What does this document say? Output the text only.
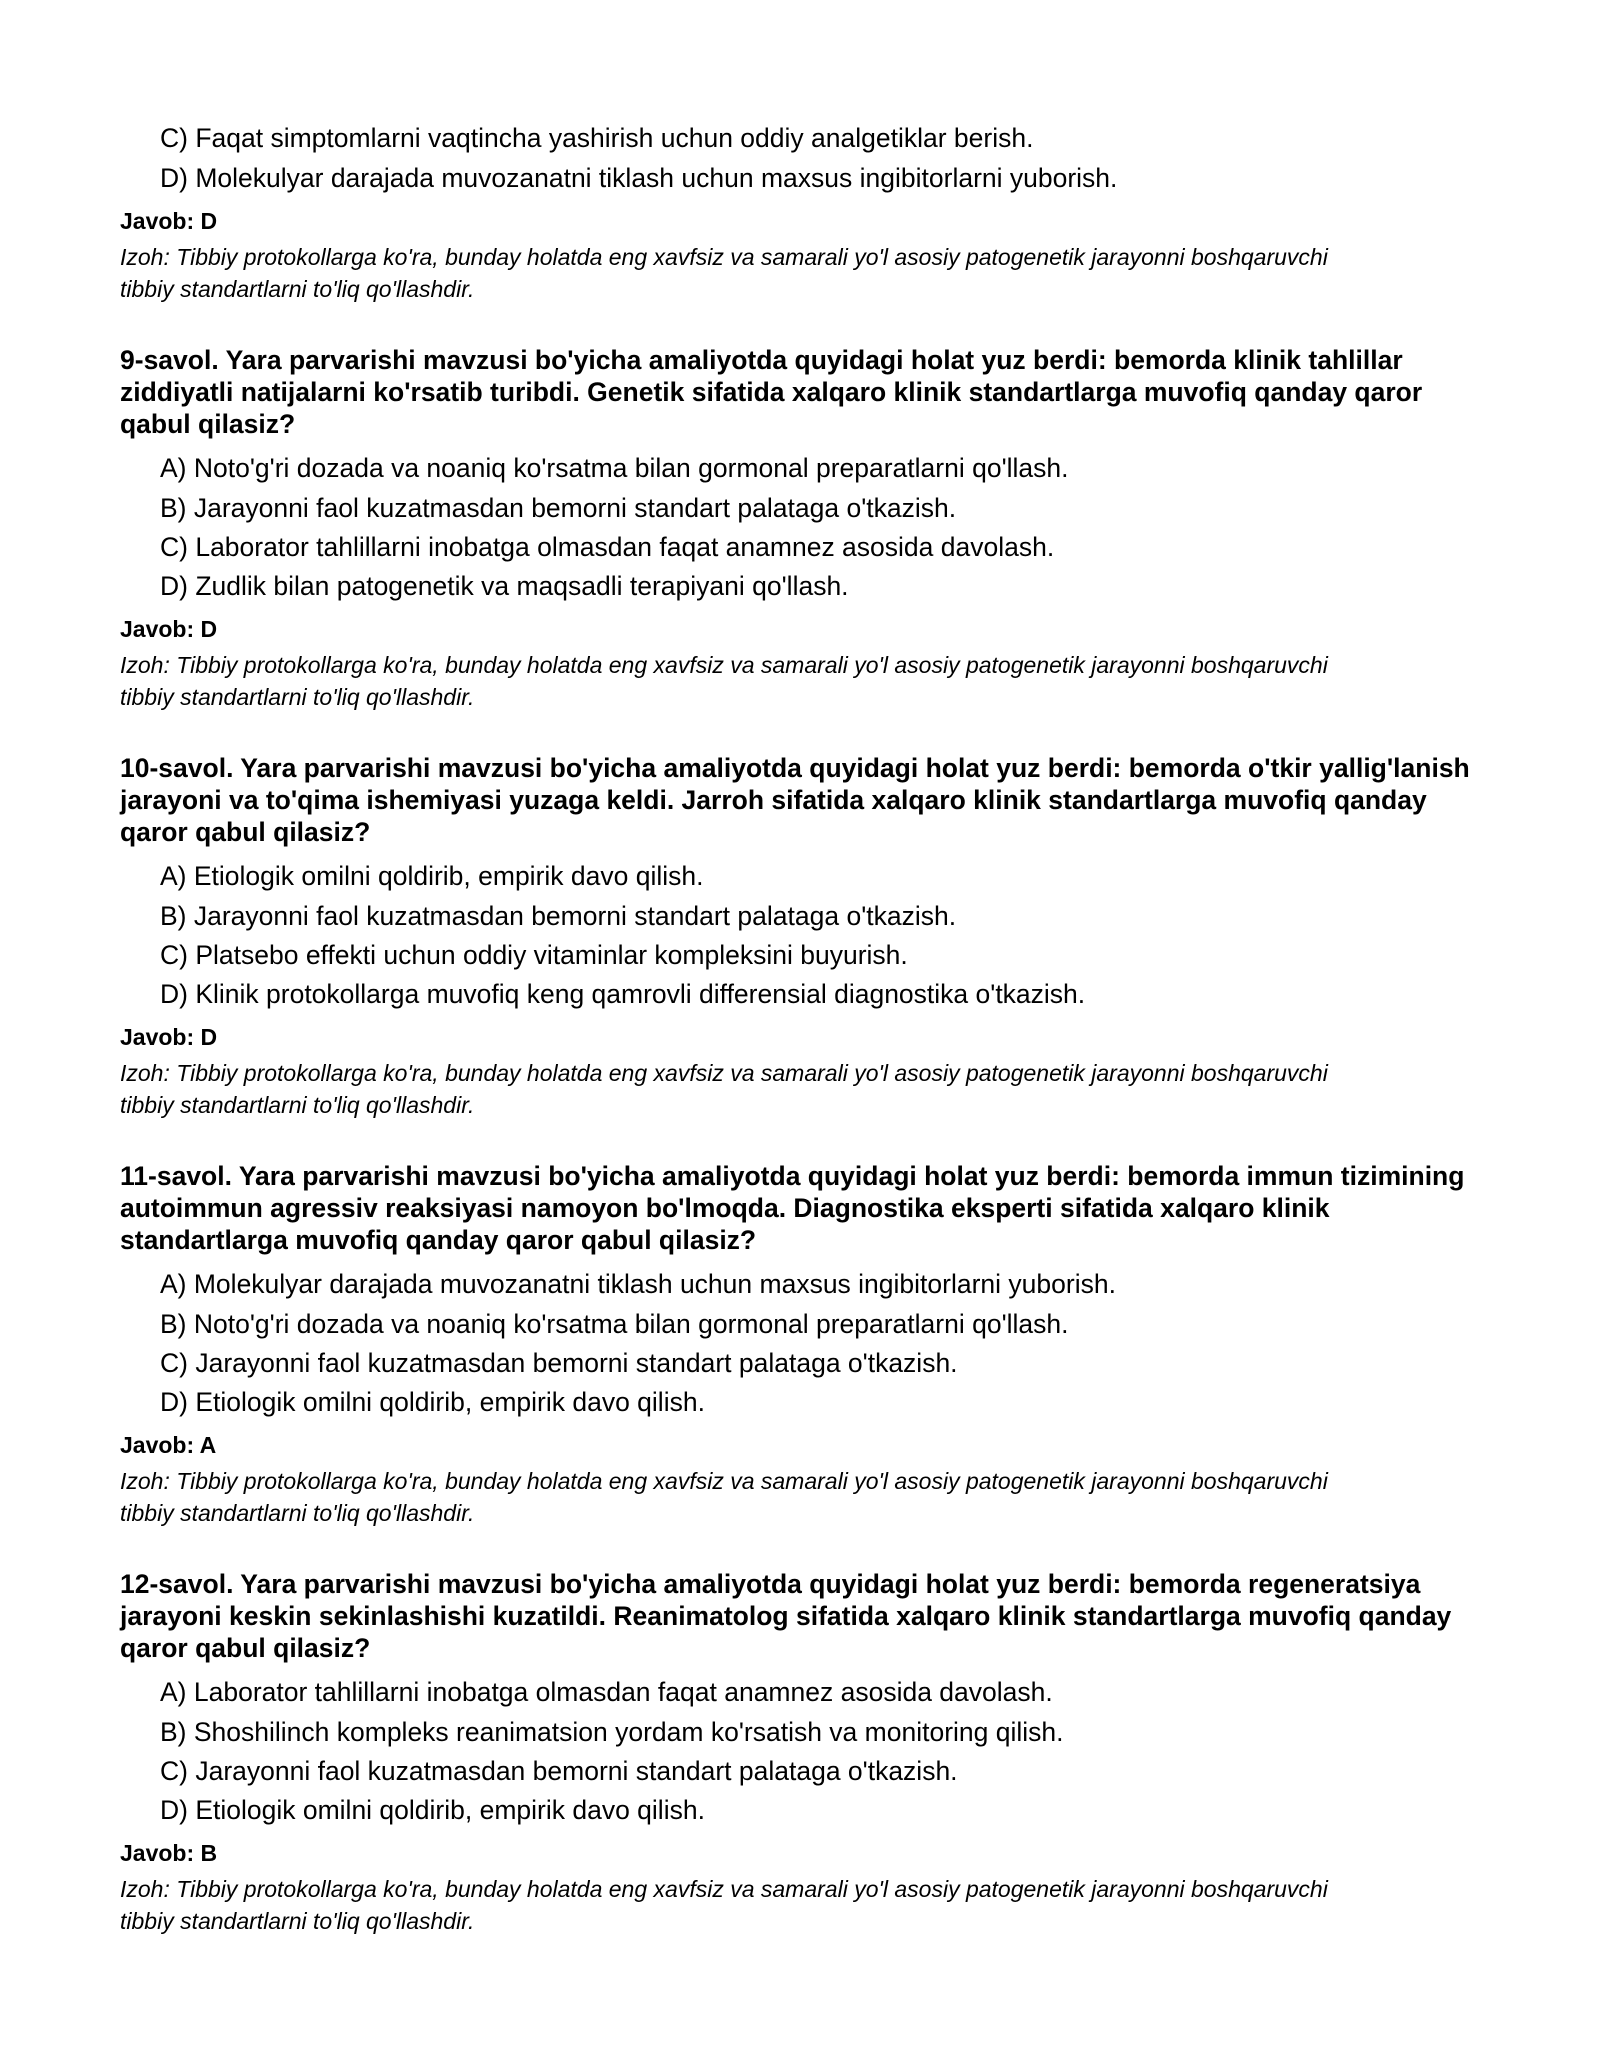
C) Faqat simptomlarni vaqtincha yashirish uchun oddiy analgetiklar berish.
D) Molekulyar darajada muvozanatni tiklash uchun maxsus ingibitorlarni yuborish.
Javob: D
Izoh: Tibbiy protokollarga ko'ra, bunday holatda eng xavfsiz va samarali yo'l asosiy patogenetik jarayonni boshqaruvchi tibbiy standartlarni to'liq qo'llashdir.
9-savol. Yara parvarishi mavzusi bo'yicha amaliyotda quyidagi holat yuz berdi: bemorda klinik tahlillar ziddiyatli natijalarni ko'rsatib turibdi. Genetik sifatida xalqaro klinik standartlarga muvofiq qanday qaror qabul qilasiz?
A) Noto'g'ri dozada va noaniq ko'rsatma bilan gormonal preparatlarni qo'llash.
B) Jarayonni faol kuzatmasdan bemorni standart palataga o'tkazish.
C) Laborator tahlillarni inobatga olmasdan faqat anamnez asosida davolash.
D) Zudlik bilan patogenetik va maqsadli terapiyani qo'llash.
Javob: D
Izoh: Tibbiy protokollarga ko'ra, bunday holatda eng xavfsiz va samarali yo'l asosiy patogenetik jarayonni boshqaruvchi tibbiy standartlarni to'liq qo'llashdir.
10-savol. Yara parvarishi mavzusi bo'yicha amaliyotda quyidagi holat yuz berdi: bemorda o'tkir yallig'lanish jarayoni va to'qima ishemiyasi yuzaga keldi. Jarroh sifatida xalqaro klinik standartlarga muvofiq qanday qaror qabul qilasiz?
A) Etiologik omilni qoldirib, empirik davo qilish.
B) Jarayonni faol kuzatmasdan bemorni standart palataga o'tkazish.
C) Platsebo effekti uchun oddiy vitaminlar kompleksini buyurish.
D) Klinik protokollarga muvofiq keng qamrovli differensial diagnostika o'tkazish.
Javob: D
Izoh: Tibbiy protokollarga ko'ra, bunday holatda eng xavfsiz va samarali yo'l asosiy patogenetik jarayonni boshqaruvchi tibbiy standartlarni to'liq qo'llashdir.
11-savol. Yara parvarishi mavzusi bo'yicha amaliyotda quyidagi holat yuz berdi: bemorda immun tizimining autoimmun agressiv reaksiyasi namoyon bo'lmoqda. Diagnostika eksperti sifatida xalqaro klinik standartlarga muvofiq qanday qaror qabul qilasiz?
A) Molekulyar darajada muvozanatni tiklash uchun maxsus ingibitorlarni yuborish.
B) Noto'g'ri dozada va noaniq ko'rsatma bilan gormonal preparatlarni qo'llash.
C) Jarayonni faol kuzatmasdan bemorni standart palataga o'tkazish.
D) Etiologik omilni qoldirib, empirik davo qilish.
Javob: A
Izoh: Tibbiy protokollarga ko'ra, bunday holatda eng xavfsiz va samarali yo'l asosiy patogenetik jarayonni boshqaruvchi tibbiy standartlarni to'liq qo'llashdir.
12-savol. Yara parvarishi mavzusi bo'yicha amaliyotda quyidagi holat yuz berdi: bemorda regeneratsiya jarayoni keskin sekinlashishi kuzatildi. Reanimatolog sifatida xalqaro klinik standartlarga muvofiq qanday qaror qabul qilasiz?
A) Laborator tahlillarni inobatga olmasdan faqat anamnez asosida davolash.
B) Shoshilinch kompleks reanimatsion yordam ko'rsatish va monitoring qilish.
C) Jarayonni faol kuzatmasdan bemorni standart palataga o'tkazish.
D) Etiologik omilni qoldirib, empirik davo qilish.
Javob: B
Izoh: Tibbiy protokollarga ko'ra, bunday holatda eng xavfsiz va samarali yo'l asosiy patogenetik jarayonni boshqaruvchi tibbiy standartlarni to'liq qo'llashdir.
